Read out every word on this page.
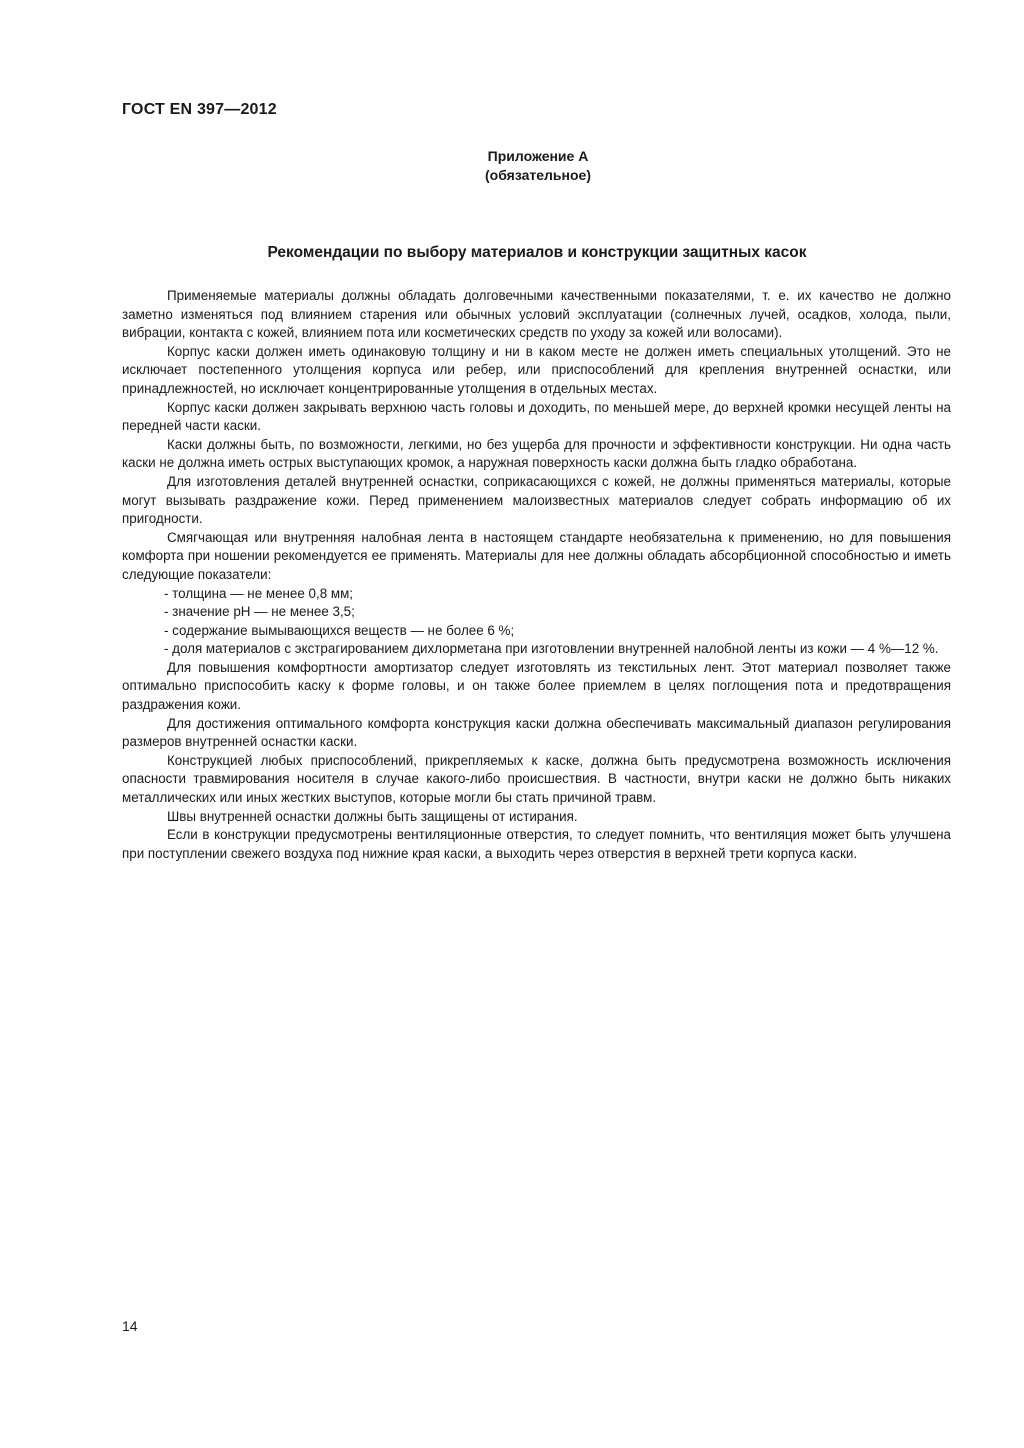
ГОСТ EN 397—2012
Приложение А
(обязательное)
Рекомендации по выбору материалов и конструкции защитных касок

Применяемые материалы должны обладать долговечными качественными показателями, т. е. их качество не должно заметно изменяться под влиянием старения или обычных условий эксплуатации (солнечных лучей, осадков, холода, пыли, вибрации, контакта с кожей, влиянием пота или косметических средств по уходу за кожей или волосами).

Корпус каски должен иметь одинаковую толщину и ни в каком месте не должен иметь специальных утолщений. Это не исключает постепенного утолщения корпуса или ребер, или приспособлений для крепления внутренней оснастки, или принадлежностей, но исключает концентрированные утолщения в отдельных местах.

Корпус каски должен закрывать верхнюю часть головы и доходить, по меньшей мере, до верхней кромки несущей ленты на передней части каски.

Каски должны быть, по возможности, легкими, но без ущерба для прочности и эффективности конструкции. Ни одна часть каски не должна иметь острых выступающих кромок, а наружная поверхность каски должна быть гладко обработана.

Для изготовления деталей внутренней оснастки, соприкасающихся с кожей, не должны применяться материалы, которые могут вызывать раздражение кожи. Перед применением малоизвестных материалов следует собрать информацию об их пригодности.

Смягчающая или внутренняя налобная лента в настоящем стандарте необязательна к применению, но для повышения комфорта при ношении рекомендуется ее применять. Материалы для нее должны обладать абсорбционной способностью и иметь следующие показатели:

- толщина — не менее 0,8 мм;

- значение pH — не менее 3,5;

- содержание вымывающихся веществ — не более 6 %;

- доля материалов с экстрагированием дихлорметана при изготовлении внутренней налобной ленты из кожи — 4 %—12 %.

Для повышения комфортности амортизатор следует изготовлять из текстильных лент. Этот материал позволяет также оптимально приспособить каску к форме головы, и он также более приемлем в целях поглощения пота и предотвращения раздражения кожи.

Для достижения оптимального комфорта конструкция каски должна обеспечивать максимальный диапазон регулирования размеров внутренней оснастки каски.

Конструкцией любых приспособлений, прикрепляемых к каске, должна быть предусмотрена возможность исключения опасности травмирования носителя в случае какого-либо происшествия. В частности, внутри каски не должно быть никаких металлических или иных жестких выступов, которые могли бы стать причиной травм.

Швы внутренней оснастки должны быть защищены от истирания.

Если в конструкции предусмотрены вентиляционные отверстия, то следует помнить, что вентиляция может быть улучшена при поступлении свежего воздуха под нижние края каски, а выходить через отверстия в верхней трети корпуса каски.

14
